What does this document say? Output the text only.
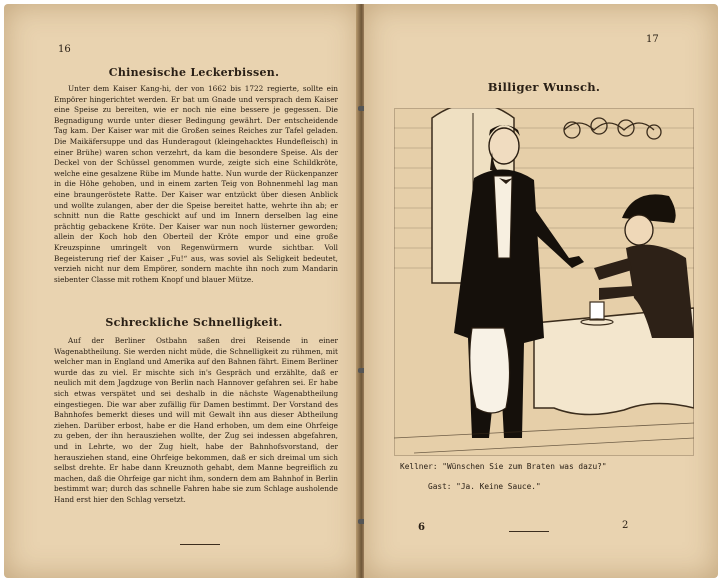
16
Chinesische Leckerbissen.

Unter dem Kaiser Kang-hi, der von 1662 bis 1722 regierte, sollte ein Empörer hingerichtet werden. Er bat um Gnade und versprach dem Kaiser eine Speise zu bereiten, wie er noch nie eine bessere je gegessen. Die Begnadigung wurde unter dieser Bedingung gewährt. Der entscheidende Tag kam. Der Kaiser war mit die Großen seines Reiches zur Tafel geladen. Die Maikäfersuppe und das Hunderagout (kleingehacktes Hundefleisch) in einer Brühe) waren schon verzehrt, da kam die besondere Speise. Als der Deckel von der Schüssel genommen wurde, zeigte sich eine Schildkröte, welche eine gesalzene Rübe im Munde hatte. Nun wurde der Rückenpanzer in die Höhe gehoben, und in einem zarten Teig von Bohnenmehl lag man eine braungeröstete Ratte. Der Kaiser war entzückt über diesen Anblick und wollte zulangen, aber der die Speise bereitet hatte, wehrte ihn ab; er schnitt nun die Ratte geschickt auf und im Innern derselben lag eine prächtig gebackene Kröte. Der Kaiser war nun noch lüsterner geworden; allein der Koch hob den Oberteil der Kröte empor und eine große Kreuzspinne umringelt von Regenwürmern wurde sichtbar. Voll Begeisterung rief der Kaiser „Fu!“ aus, was soviel als Seligkeit bedeutet, verzieh nicht nur dem Empörer, sondern machte ihn noch zum Mandarin siebenter Classe mit rothem Knopf und blauer Mütze.

Schreckliche Schnelligkeit.

Auf der Berliner Ostbahn saßen drei Reisende in einer Wagenabtheilung. Sie werden nicht müde, die Schnelligkeit zu rühmen, mit welcher man in England und Amerika auf den Bahnen fährt. Einem Berliner wurde das zu viel. Er mischte sich in's Gespräch und erzählte, daß er neulich mit dem Jagdzuge von Berlin nach Hannover gefahren sei. Er habe sich etwas verspätet und sei deshalb in die nächste Wagenabtheilung eingestiegen. Die war aber zufällig für Damen bestimmt. Der Vorstand des Bahnhofes bemerkt dieses und will mit Gewalt ihn aus dieser Abtheilung ziehen. Darüber erbost, habe er die Hand erhoben, um dem eine Ohrfeige zu geben, der ihn herausziehen wollte, der Zug sei indessen abgefahren, und in Lehrte, wo der Zug hielt, habe der Bahnhofsvorstand, der herausziehen stand, eine Ohrfeige bekommen, daß er sich dreimal um sich selbst drehte. Er habe dann Kreuznoth gehabt, dem Manne begreiflich zu machen, daß die Ohrfeige gar nicht ihm, sondern dem am Bahnhof in Berlin bestimmt war; durch das schnelle Fahren habe sie zum Schlage ausholende Hand erst hier den Schlag versetzt.

17
Billiger Wunsch.
Kellner: "Wünschen Sie zum Braten was dazu?"
Gast: "Ja. Keine Sauce."
6	2
